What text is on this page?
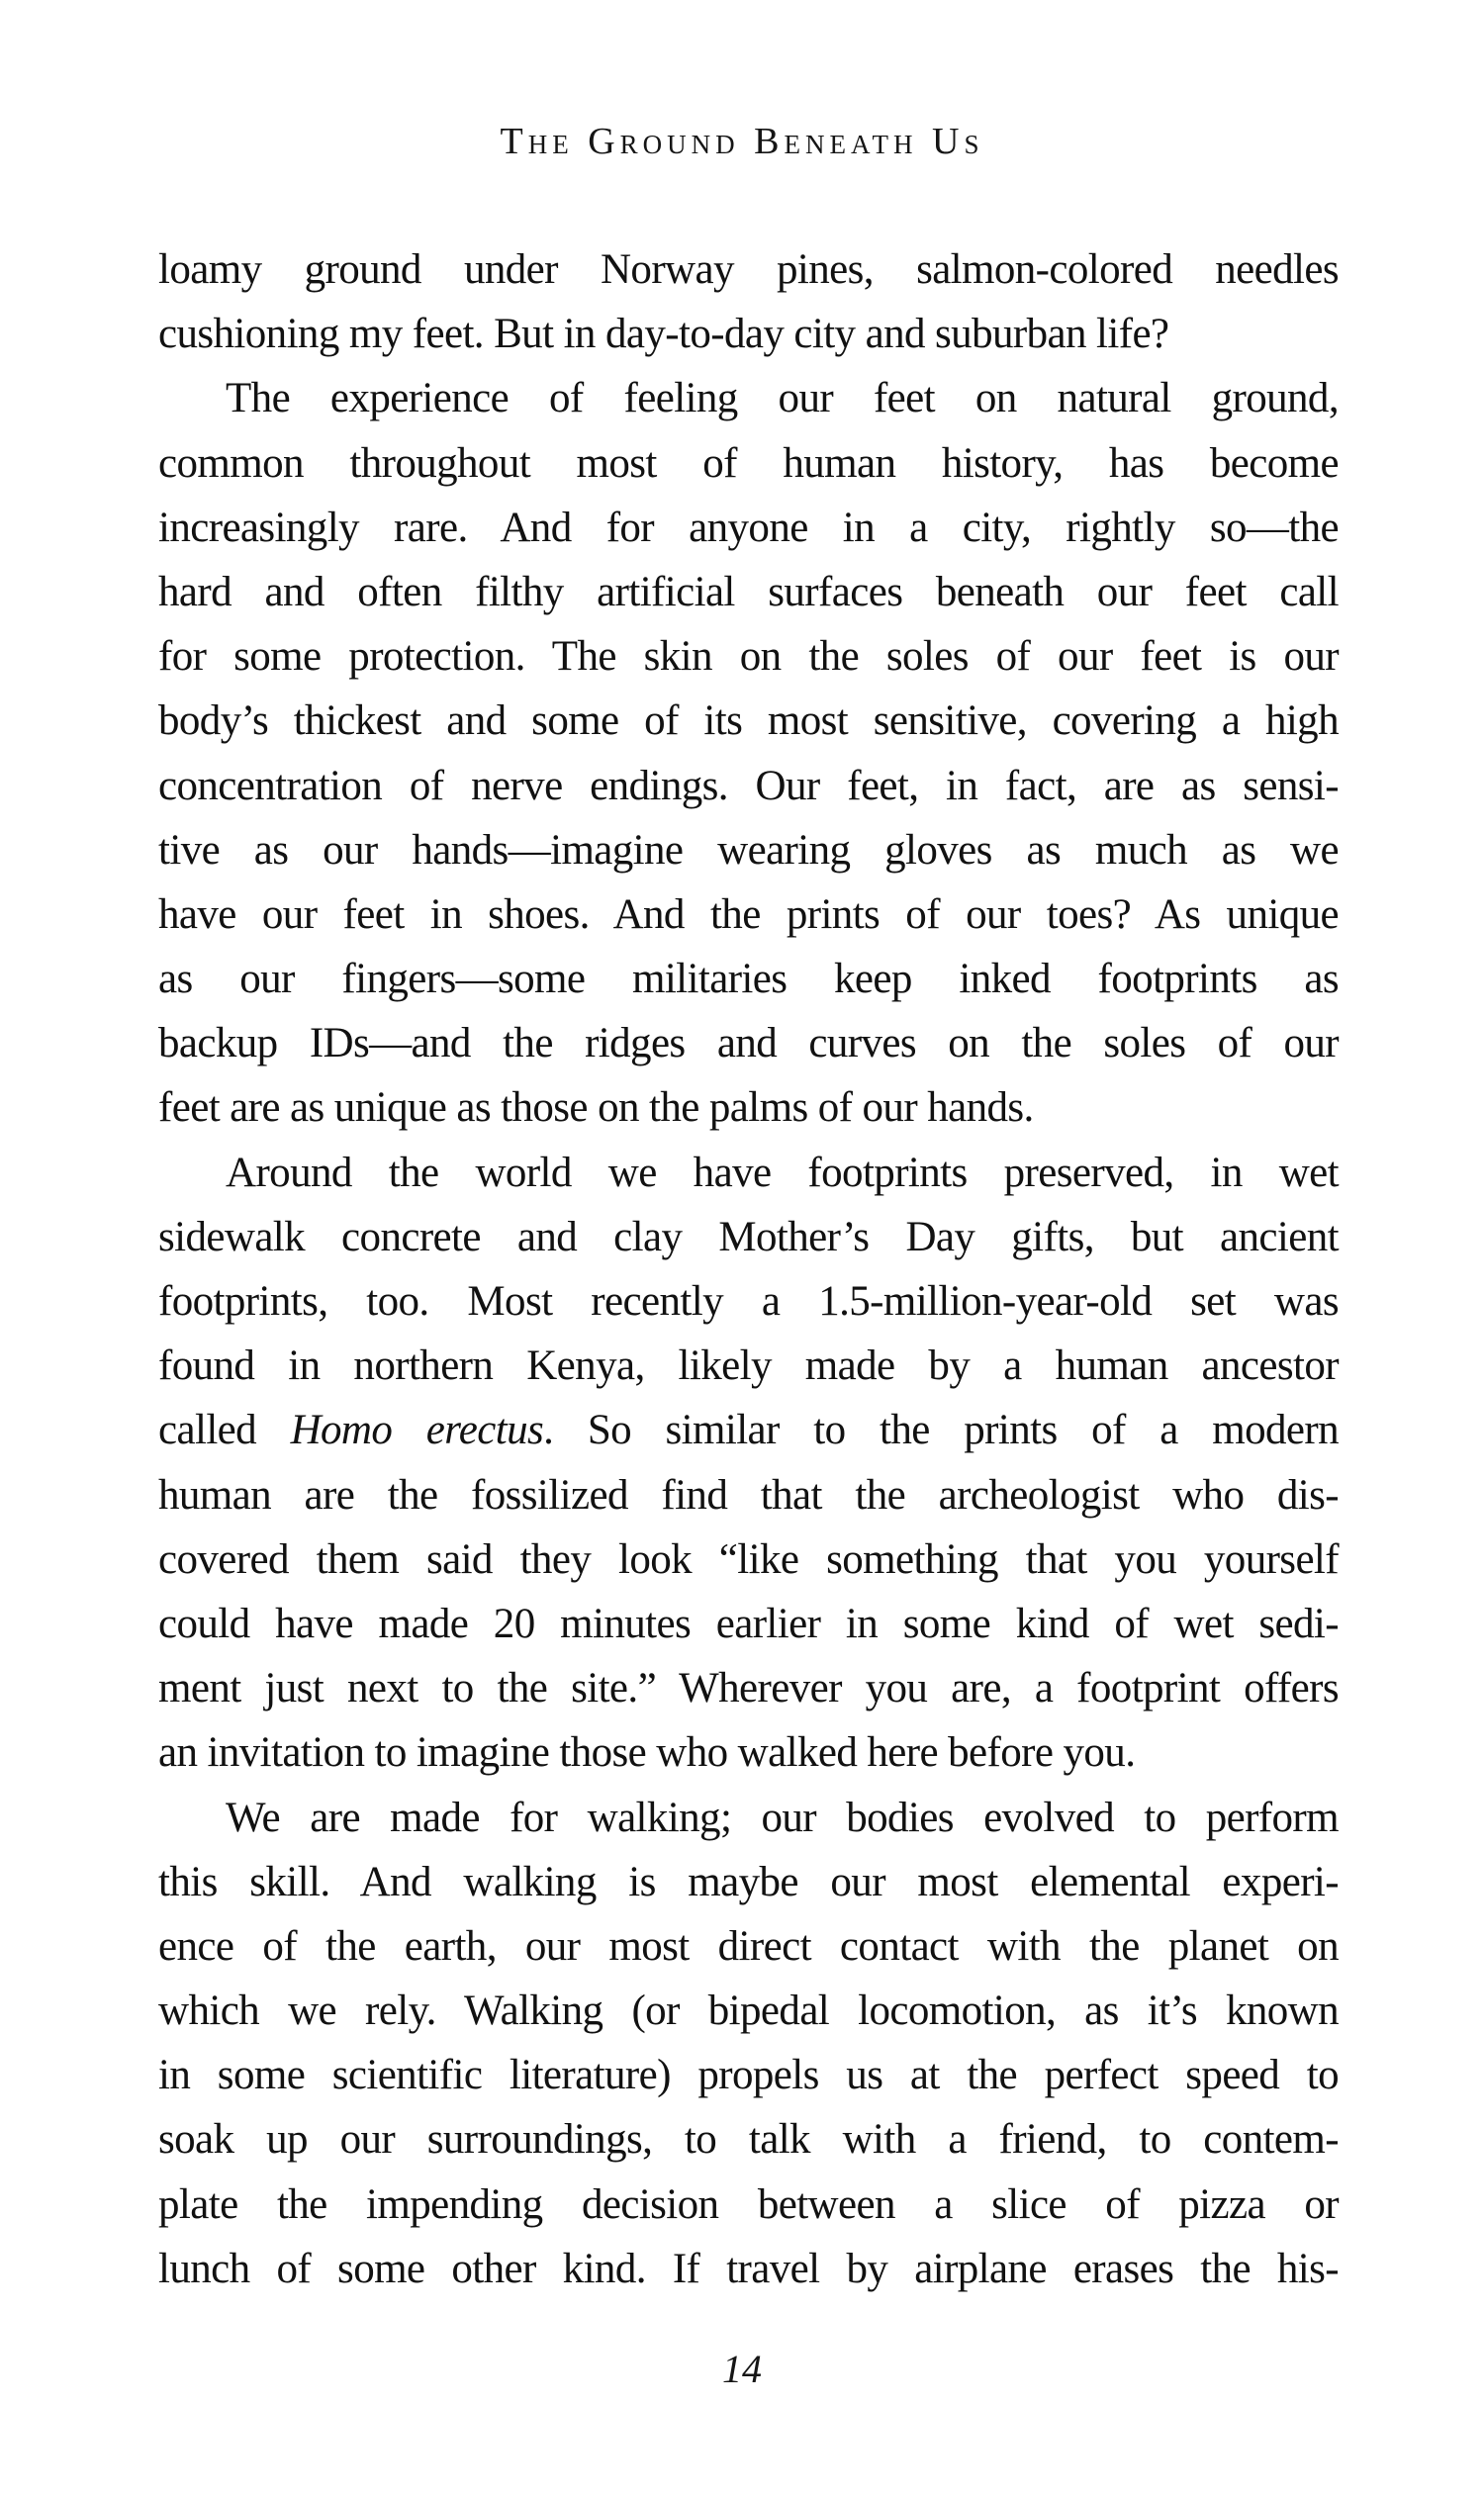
The Ground Beneath Us
loamy ground under Norway pines, salmon-colored needles
cushioning my feet. But in day-to-day city and suburban life?
The experience of feeling our feet on natural ground,
common throughout most of human history, has become
increasingly rare. And for anyone in a city, rightly so—the
hard and often filthy artificial surfaces beneath our feet call
for some protection. The skin on the soles of our feet is our
body’s thickest and some of its most sensitive, covering a high
concentration of nerve endings. Our feet, in fact, are as sensi-
tive as our hands—imagine wearing gloves as much as we
have our feet in shoes. And the prints of our toes? As unique
as our fingers—some militaries keep inked footprints as
backup IDs—and the ridges and curves on the soles of our
feet are as unique as those on the palms of our hands.
Around the world we have footprints preserved, in wet
sidewalk concrete and clay Mother’s Day gifts, but ancient
footprints, too. Most recently a 1.5-million-year-old set was
found in northern Kenya, likely made by a human ancestor
called Homo erectus. So similar to the prints of a modern
human are the fossilized find that the archeologist who dis-
covered them said they look “like something that you yourself
could have made 20 minutes earlier in some kind of wet sedi-
ment just next to the site.” Wherever you are, a footprint offers
an invitation to imagine those who walked here before you.
We are made for walking; our bodies evolved to perform
this skill. And walking is maybe our most elemental experi-
ence of the earth, our most direct contact with the planet on
which we rely. Walking (or bipedal locomotion, as it’s known
in some scientific literature) propels us at the perfect speed to
soak up our surroundings, to talk with a friend, to contem-
plate the impending decision between a slice of pizza or
lunch of some other kind. If travel by airplane erases the his-
14
